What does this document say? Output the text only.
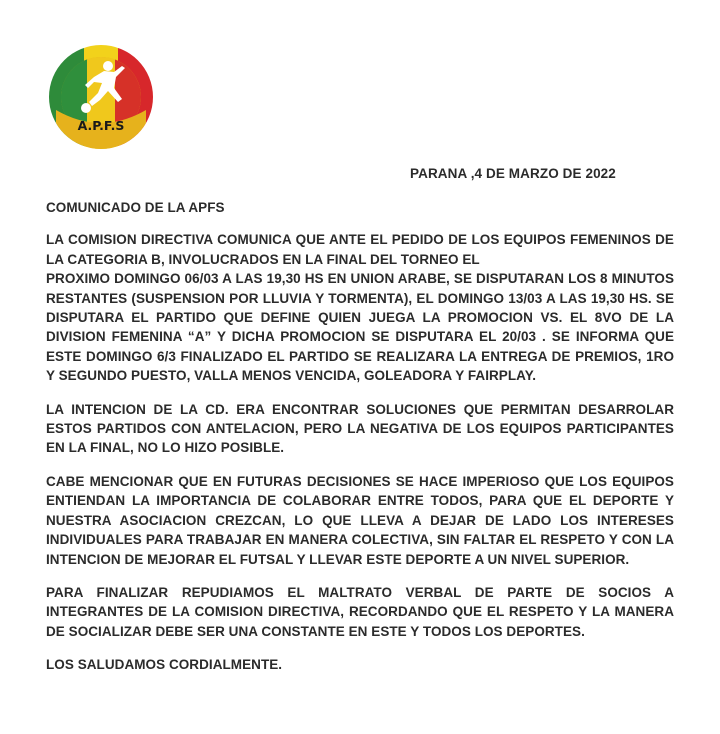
A.P.F.S
PARANA ,4 DE MARZO DE 2022

COMUNICADO DE LA APFS

LA COMISION DIRECTIVA COMUNICA QUE ANTE EL PEDIDO DE LOS EQUIPOS FEMENINOS DE
LA CATEGORIA B, INVOLUCRADOS EN LA FINAL DEL TORNEO EL

PROXIMO DOMINGO 06/03 A LAS 19,30 HS EN UNION ARABE, SE DISPUTARAN LOS 8 MINUTOS RESTANTES (SUSPENSION POR LLUVIA Y TORMENTA), EL DOMINGO 13/03 A LAS 19,30 HS. SE DISPUTARA EL PARTIDO QUE DEFINE QUIEN JUEGA LA PROMOCION VS. EL 8VO DE LA DIVISION FEMENINA “A” Y DICHA PROMOCION SE DISPUTARA EL 20/03 . SE INFORMA QUE ESTE DOMINGO 6/3 FINALIZADO EL PARTIDO SE REALIZARA LA ENTREGA DE PREMIOS, 1RO Y SEGUNDO PUESTO, VALLA MENOS VENCIDA, GOLEADORA Y FAIRPLAY.

LA INTENCION DE LA CD. ERA ENCONTRAR SOLUCIONES QUE PERMITAN DESARROLAR ESTOS PARTIDOS CON ANTELACION, PERO LA NEGATIVA DE LOS EQUIPOS PARTICIPANTES EN LA FINAL, NO LO HIZO POSIBLE.

CABE MENCIONAR QUE EN FUTURAS DECISIONES SE HACE IMPERIOSO QUE LOS EQUIPOS ENTIENDAN LA IMPORTANCIA DE COLABORAR ENTRE TODOS, PARA QUE EL DEPORTE Y NUESTRA ASOCIACION CREZCAN, LO QUE LLEVA A DEJAR DE LADO LOS INTERESES INDIVIDUALES PARA TRABAJAR EN MANERA COLECTIVA, SIN FALTAR EL RESPETO Y CON LA INTENCION DE MEJORAR EL FUTSAL Y LLEVAR ESTE DEPORTE A UN NIVEL SUPERIOR.

PARA FINALIZAR REPUDIAMOS EL MALTRATO VERBAL DE PARTE DE SOCIOS A INTEGRANTES DE LA COMISION DIRECTIVA, RECORDANDO QUE EL RESPETO Y LA MANERA DE SOCIALIZAR DEBE SER UNA CONSTANTE EN ESTE Y TODOS LOS DEPORTES.

LOS SALUDAMOS CORDIALMENTE.
